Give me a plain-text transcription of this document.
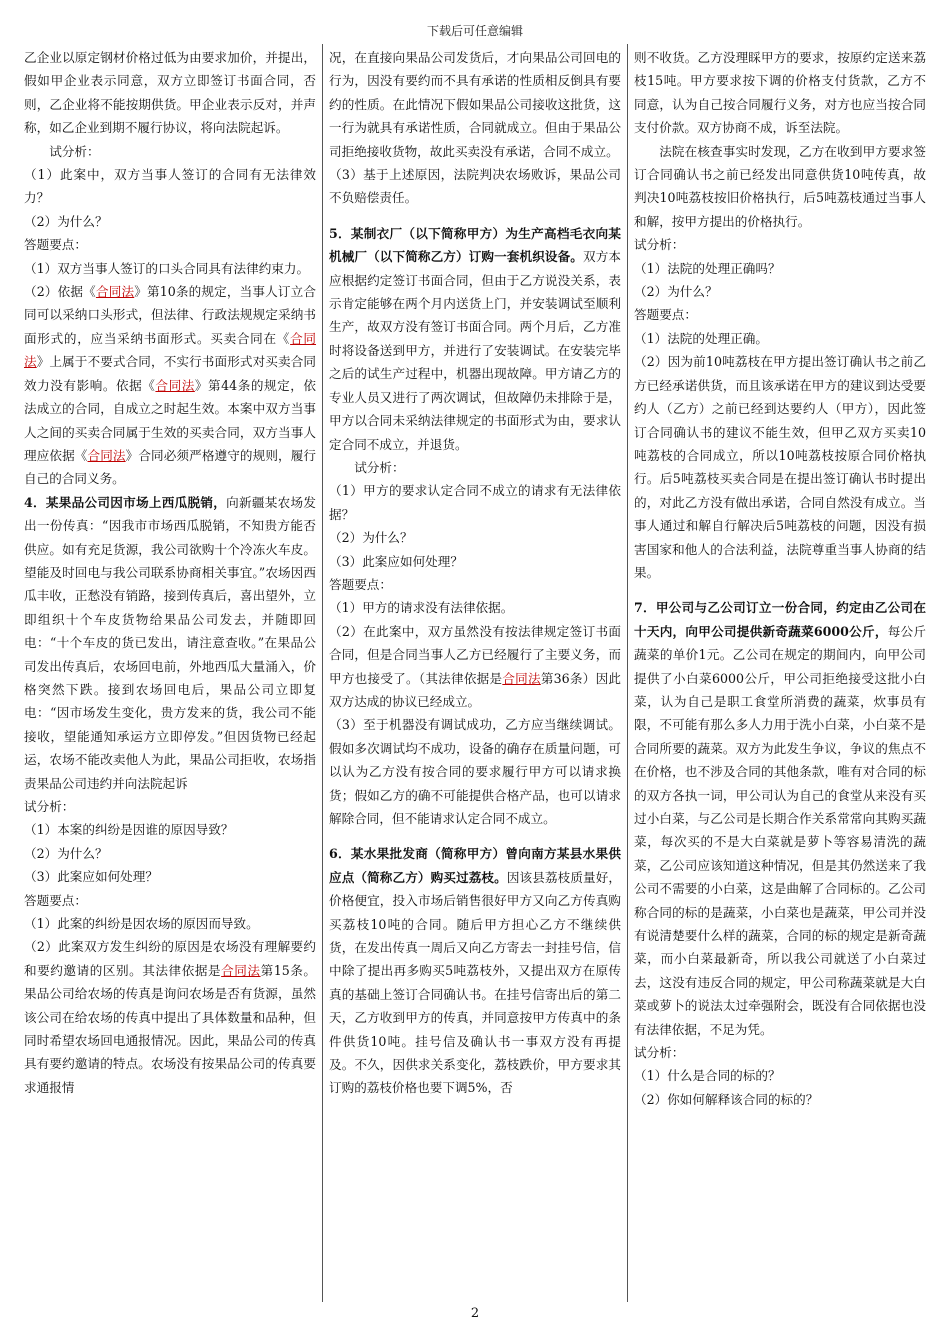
下载后可任意编辑

乙企业以原定钢材价格过低为由要求加价，并提出，假如甲企业表示同意，双方立即签订书面合同，否则，乙企业将不能按期供货。甲企业表示反对，并声称，如乙企业到期不履行协议，将向法院起诉。

试分析：

（1）此案中，双方当事人签订的合同有无法律效力？

（2）为什么？

答题要点：

（1）双方当事人签订的口头合同具有法律约束力。

（2）依据《合同法》第10条的规定，当事人订立合同可以采纳口头形式，但法律、行政法规规定采纳书面形式的，应当采纳书面形式。买卖合同在《合同法》上属于不要式合同，不实行书面形式对买卖合同效力没有影响。依据《合同法》第44条的规定，依法成立的合同，自成立之时起生效。本案中双方当事人之间的买卖合同属于生效的买卖合同，双方当事人理应依据《合同法》合同必须严格遵守的规则，履行自己的合同义务。

4．某果品公司因市场上西瓜脱销，向新疆某农场发出一份传真：“因我市市场西瓜脱销，不知贵方能否供应。如有充足货源，我公司欲购十个冷冻火车皮。望能及时回电与我公司联系协商相关事宜。”农场因西瓜丰收，正愁没有销路，接到传真后，喜出望外，立即组织十个车皮货物给果品公司发去，并随即回电：“十个车皮的货已发出，请注意查收。”在果品公司发出传真后，农场回电前，外地西瓜大量涌入，价格突然下跌。接到农场回电后，果品公司立即复电：“因市场发生变化，贵方发来的货，我公司不能接收，望能通知承运方立即停发。”但因货物已经起运，农场不能改卖他人为此，果品公司拒收，农场指责果品公司违约并向法院起诉

试分析：

（1）本案的纠纷是因谁的原因导致？

（2）为什么？

（3）此案应如何处理？

答题要点：

（1）此案的纠纷是因农场的原因而导致。

（2）此案双方发生纠纷的原因是农场没有理解要约和要约邀请的区别。其法律依据是合同法第15条。果品公司给农场的传真是询问农场是否有货源，虽然该公司在给农场的传真中提出了具体数量和品种，但同时希望农场回电通报情况。因此，果品公司的传真具有要约邀请的特点。农场没有按果品公司的传真要求通报情

况，在直接向果品公司发货后，才向果品公司回电的行为，因没有要约而不具有承诺的性质相反倒具有要约的性质。在此情况下假如果品公司接收这批货，这一行为就具有承诺性质，合同就成立。但由于果品公司拒绝接收货物，故此买卖没有承诺，合同不成立。

（3）基于上述原因，法院判决农场败诉，果品公司不负赔偿责任。

5．某制衣厂（以下简称甲方）为生产高档毛衣向某机械厂（以下简称乙方）订购一套机织设备。双方本应根据约定签订书面合同，但由于乙方说没关系，表示肯定能够在两个月内送货上门，并安装调试至顺利生产，故双方没有签订书面合同。两个月后，乙方准时将设备送到甲方，并进行了安装调试。在安装完毕之后的试生产过程中，机器出现故障。甲方请乙方的专业人员又进行了两次调试，但故障仍未排除于是，甲方以合同未采纳法律规定的书面形式为由，要求认定合同不成立，并退货。

试分析：

（1）甲方的要求认定合同不成立的请求有无法律依据？

（2）为什么？

（3）此案应如何处理？

答题要点：

（1）甲方的请求没有法律依据。

（2）在此案中，双方虽然没有按法律规定签订书面合同，但是合同当事人乙方已经履行了主要义务，而甲方也接受了。（其法律依据是合同法第36条）因此双方达成的协议已经成立。

（3）至于机器没有调试成功，乙方应当继续调试。假如多次调试均不成功，设备的确存在质量问题，可以认为乙方没有按合同的要求履行甲方可以请求换货；假如乙方的确不可能提供合格产品，也可以请求解除合同，但不能请求认定合同不成立。

6．某水果批发商（简称甲方）曾向南方某县水果供应点（简称乙方）购买过荔枝。因该县荔枝质量好，价格便宜，投入市场后销售很好甲方又向乙方传真购买荔枝10吨的合同。随后甲方担心乙方不继续供货，在发出传真一周后又向乙方寄去一封挂号信，信中除了提出再多购买5吨荔枝外，又提出双方在原传真的基础上签订合同确认书。在挂号信寄出后的第二天，乙方收到甲方的传真，并同意按甲方传真中的条件供货10吨。挂号信及确认书一事双方没有再提及。不久，因供求关系变化，荔枝跌价，甲方要求其订购的荔枝价格也要下调5%，否

则不收货。乙方没理睬甲方的要求，按原约定送来荔枝15吨。甲方要求按下调的价格支付货款，乙方不同意，认为自己按合同履行义务，对方也应当按合同支付价款。双方协商不成，诉至法院。

法院在核查事实时发现，乙方在收到甲方要求签订合同确认书之前已经发出同意供货10吨传真，故判决10吨荔枝按旧价格执行，后5吨荔枝通过当事人和解，按甲方提出的价格执行。

试分析：

（1）法院的处理正确吗？

（2）为什么？

答题要点：

（1）法院的处理正确。

（2）因为前10吨荔枝在甲方提出签订确认书之前乙方已经承诺供货，而且该承诺在甲方的建议到达受要约人（乙方）之前已经到达要约人（甲方），因此签订合同确认书的建议不能生效，但甲乙双方买卖10吨荔枝的合同成立，所以10吨荔枝按原合同价格执行。后5吨荔枝买卖合同是在提出签订确认书时提出的，对此乙方没有做出承诺，合同自然没有成立。当事人通过和解自行解决后5吨荔枝的问题，因没有损害国家和他人的合法利益，法院尊重当事人协商的结果。

7．甲公司与乙公司订立一份合同，约定由乙公司在十天内，向甲公司提供新奇蔬菜6000公斤，每公斤蔬菜的单价1元。乙公司在规定的期间内，向甲公司提供了小白菜6000公斤，甲公司拒绝接受这批小白菜，认为自己是职工食堂所消费的蔬菜，炊事员有限，不可能有那么多人力用于洗小白菜，小白菜不是合同所要的蔬菜。双方为此发生争议，争议的焦点不在价格，也不涉及合同的其他条款，唯有对合同的标的双方各执一词，甲公司认为自己的食堂从来没有买过小白菜，与乙公司是长期合作关系常常向其购买蔬菜，每次买的不是大白菜就是萝卜等容易清洗的蔬菜，乙公司应该知道这种情况，但是其仍然送来了我公司不需要的小白菜，这是曲解了合同标的。乙公司称合同的标的是蔬菜，小白菜也是蔬菜，甲公司并没有说清楚要什么样的蔬菜，合同的标的规定是新奇蔬菜，而小白菜最新奇，所以我公司就送了小白菜过去，这没有违反合同的规定，甲公司称蔬菜就是大白菜或萝卜的说法太过牵强附会，既没有合同依据也没有法律依据，不足为凭。

试分析：

（1）什么是合同的标的？

（2）你如何解释该合同的标的？

2
